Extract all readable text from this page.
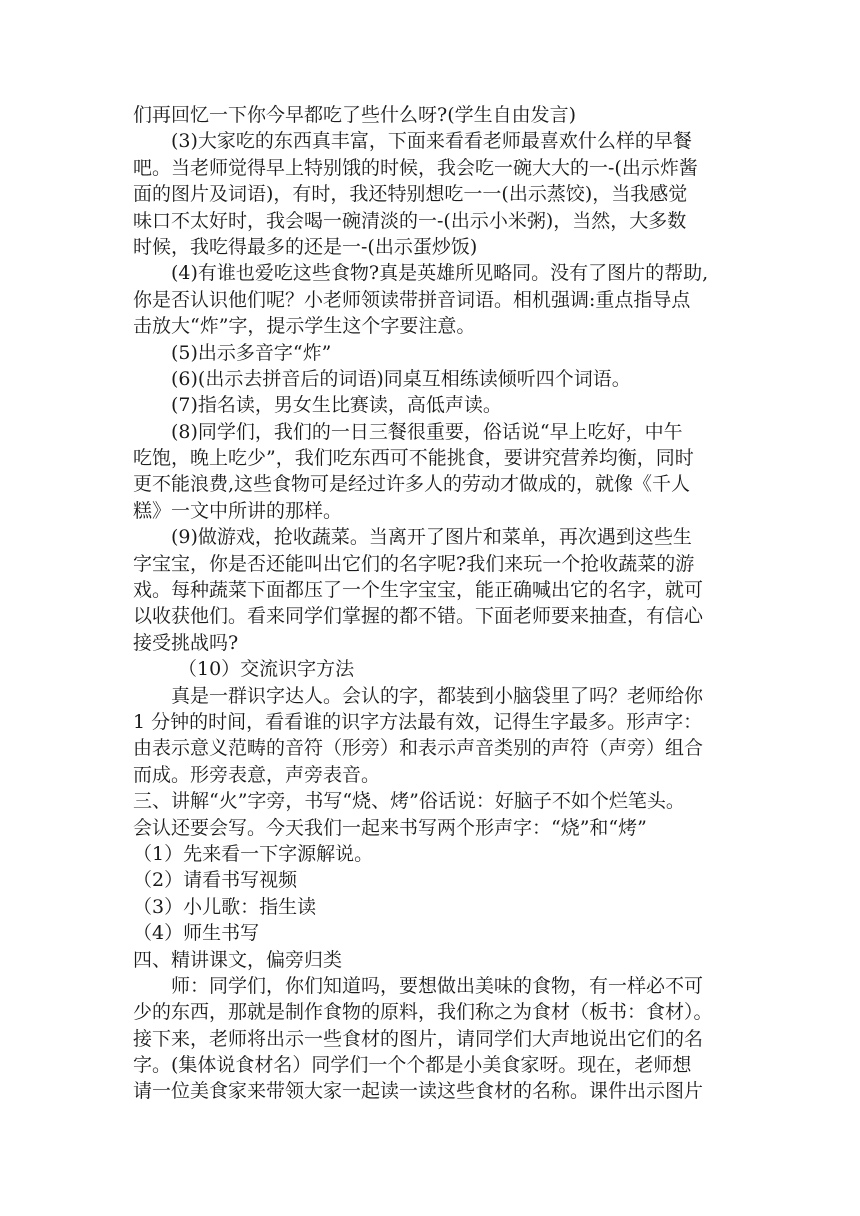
们再回忆一下你今早都吃了些什么呀?(学生自由发言)
(3)大家吃的东西真丰富，下面来看看老师最喜欢什么样的早餐
吧。当老师觉得早上特别饿的时候，我会吃一碗大大的一-(出示炸酱
面的图片及词语)，有时，我还特别想吃一一(出示蒸饺)，当我感觉
味口不太好时，我会喝一碗清淡的一-(出示小米粥)，当然，大多数
时候，我吃得最多的还是一-(出示蛋炒饭)
(4)有谁也爱吃这些食物?真是英雄所见略同。没有了图片的帮助,
你是否认识他们呢？小老师领读带拼音词语。相机强调:重点指导点
击放大“炸”字，提示学生这个字要注意。
(5)出示多音字“炸”
(6)(出示去拼音后的词语)同桌互相练读倾听四个词语。
(7)指名读，男女生比赛读，高低声读。
(8)同学们，我们的一日三餐很重要，俗话说“早上吃好，中午
吃饱，晚上吃少”，我们吃东西可不能挑食，要讲究营养均衡，同时
更不能浪费,这些食物可是经过许多人的劳动才做成的，就像《千人
糕》一文中所讲的那样。
(9)做游戏，抢收蔬菜。当离开了图片和菜单，再次遇到这些生
字宝宝，你是否还能叫出它们的名字呢?我们来玩一个抢收蔬菜的游
戏。每种蔬菜下面都压了一个生字宝宝，能正确喊出它的名字，就可
以收获他们。看来同学们掌握的都不错。下面老师要来抽查，有信心
接受挑战吗?
（10）交流识字方法
真是一群识字达人。会认的字，都装到小脑袋里了吗？老师给你
1 分钟的时间，看看谁的识字方法最有效，记得生字最多。形声字：
由表示意义范畴的音符（形旁）和表示声音类别的声符（声旁）组合
而成。形旁表意，声旁表音。
三、讲解“火”字旁，书写“烧、烤”俗话说：好脑子不如个烂笔头。
会认还要会写。今天我们一起来书写两个形声字：“烧”和“烤”
（1）先来看一下字源解说。
（2）请看书写视频
（3）小儿歌：指生读
（4）师生书写
四、精讲课文，偏旁归类
师：同学们，你们知道吗，要想做出美味的食物，有一样必不可
少的东西，那就是制作食物的原料，我们称之为食材（板书：食材）。
接下来，老师将出示一些食材的图片，请同学们大声地说出它们的名
字。(集体说食材名）同学们一个个都是小美食家呀。现在，老师想
请一位美食家来带领大家一起读一读这些食材的名称。课件出示图片
